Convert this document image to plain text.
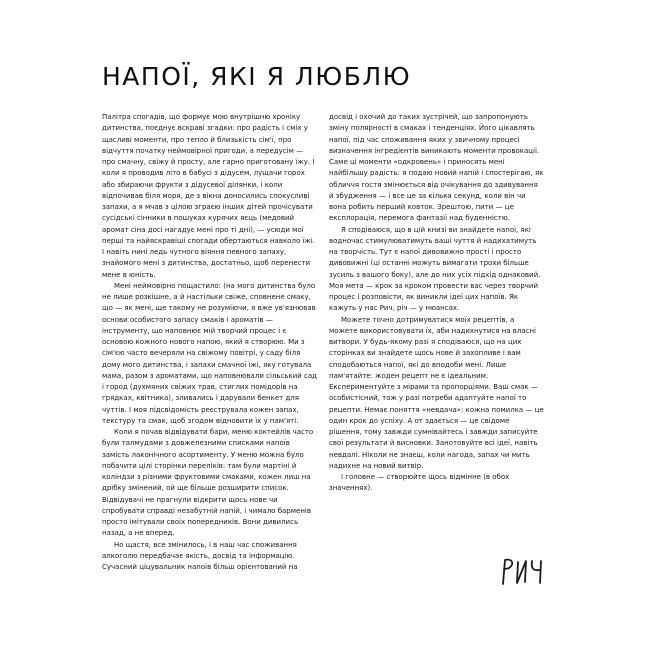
НАПОЇ, ЯКІ Я ЛЮБЛЮ

Палітра спогадів, що формує мою внутрішню хроніку дитинства, поєднує вскраві згадки: про радість і сміх у щасливі моменти, про тепло й близькість сім'ї, про відчуття початку неймовірної пригоди, а передусім — про смачну, свіжу й просту, але гарно приготовану їжу. І коли я проводив літо в бабусі з дідусем, лущачи горох або збираючи фрукти з дідусевої ділянки, і коли відпочивав біля моря, де з вікна доносились спокусливі запахи, а я мчав з цілою зграєю інших дітей прочісувати сусідські сінники в пошуках курячих яєць (медовий аромат сіна досі нагадує мені про ті дні), — усюди мої перші та найяскравіші спогади обертаються навколо їжі. І навіть нині ледь чутного віяння певного запаху, знайомого мені з дитинства, достатньо, щоб перенести мене в юність.

Мені неймовірно пощастило: (на мого дитинства було не лише розкішне, а й настільки свіже, сповнене смаку, що — як мені, ще такому не розуміючи, я вже ув'язнював основи особистого запасу смаків і ароматів — інструменту, що наповнює мій творчий процес і є основою кожного нового напою, який я створюю. Ми з сім'єю часто вечеряли на свіжому повітрі, у саду біля дому мого дитинства, і запахи смачної їжі, яку готувала мама, разом з ароматами, що наповнювали сільський сад і город (духмяних свіжих трав, стиглих помідорів на грядках, квітника), зливались і дарували бенкет для чуттів. І моя підсвідомість реєструвала кожен запах, текстуру та смак, щоб згодом відновити їх у пам'яті.

Коли я почав відвідувати бари, меню коктейлів часто були талмудами з довжелезними списками напоїв замість лаконічного асортименту. У меню можна було побачити цілі сторінки переліків: там були мартіні й коліндзи з різними фруктовими смаками, кожен лиш на дрібку змінений, ой ще більше розширити список. Відвідувачі не прагнули відкрити щось нове чи спробувати справді незабутній напій, і чимало барменів просто імітували своїх попередників. Вони дивились назад, а не вперед.

Но щастя, все змінилось, і в наш час споживання алкоголю передбачає якість, досвід та інформацію. Сучасний ціцувальник напоїв більш орієнтований на

досвід і охочий до таких зустрічей, що запропонують зміну полярності в смаках і тенденціях. Його цікавлять напої, під час споживання яких у звичному процесі визначення інгредієнтів виникають моменти провокації. Саме ці моменти «одкровень» і приносять мені найбільшу радість: я подаю новий напій і спостерігаю, як обличчя гостя змінюється від очікування до здивування й збудження — і все це за кілька секунд, коли він чи вона робить перший ковток. Зрештою, пити — це експлорація, перемога фантазії над буденністю.

Я сподіваюся, що в цій книзі ви знайдете напої, які водночас стимулюватимуть ваші чуття й надихатимуть на творчість. Тут є напої дивовижно прості і просто дивовижні (ці останні можуть вимагати трохи більше зусиль з вашого боку), але до них усіх підхід однаковий. Моя мета — крок за кроком провести вас через творчий процес і розповісти, як виникли ідеї цих напоїв. Як кажуть у нас Рич, річ — у нюансах.

Можете точно дотримуватися моїх рецептів, а можете використовувати їх, аби надихнутися на власні витвори. У будь-якому разі я сподіваюся, що на цих сторінках ви знайдете щось нове й захопливе і вам сподобаються напої, які до вподоби мені. Лише пам'ятайте: жоден рецепт не є ідеальним. Експериментуйте з мірами та пропорціями. Ваш смак — особистісний, тож у разі потреби адаптуйте напої то рецепти. Немає поняття «невдача»: кожна помилка — це один крок до успіху. А от здається — це свідоме рішення, тому завжди сумнівайтесь і завжди записуйте свої результати й висновки. Занотовуйте всі ідеї, навіть невдалі. Ніколи не знаєш, коли нагода, запах чи мить надихне на новий витвір.

І головне — створюйте щось відмінне (в обох значеннях).
